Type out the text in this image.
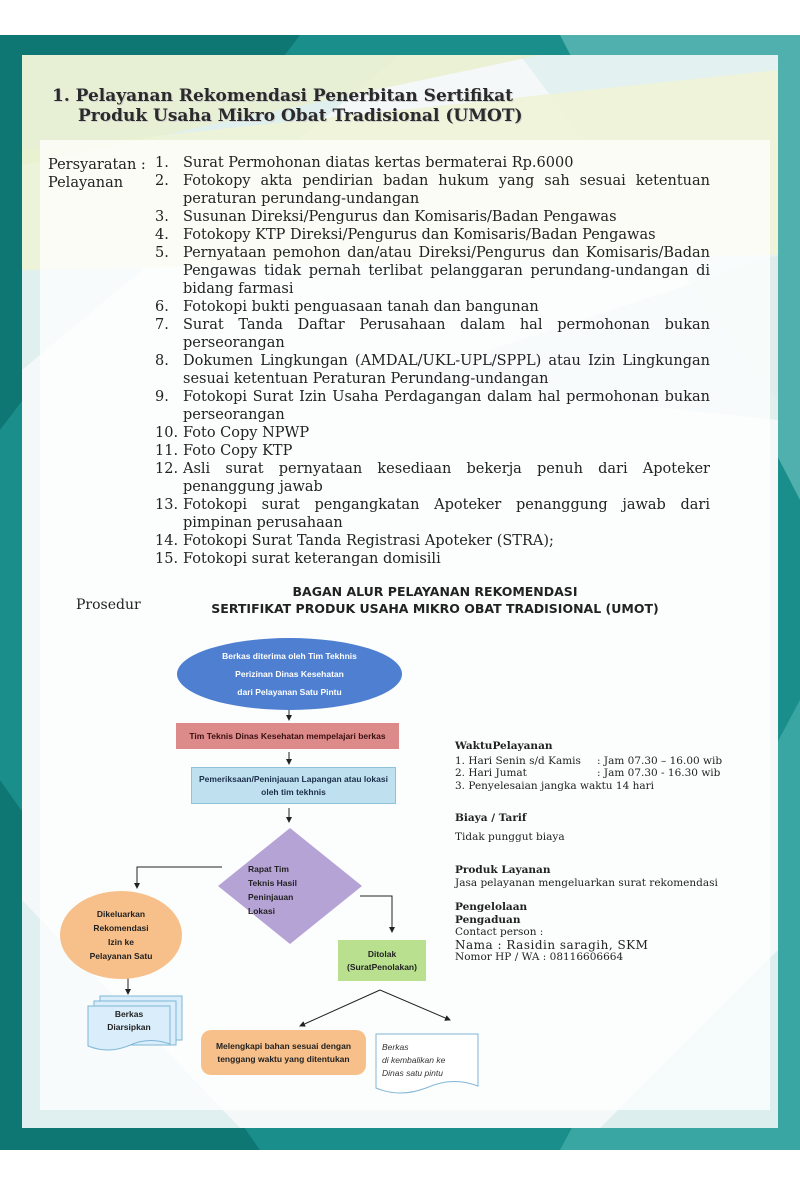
1. Pelayanan Rekomendasi Penerbitan Sertifikat
Produk Usaha Mikro Obat Tradisional (UMOT)
Persyaratan :
Pelayanan
1. Surat Permohonan diatas kertas bermaterai Rp.6000
2. Fotokopy akta pendirian badan hukum yang sah sesuai ketentuan peraturan perundang-undangan
3. Susunan Direksi/Pengurus dan Komisaris/Badan Pengawas
4. Fotokopy KTP Direksi/Pengurus dan Komisaris/Badan Pengawas
5. Pernyataan pemohon dan/atau Direksi/Pengurus dan Komisaris/Badan Pengawas tidak pernah terlibat pelanggaran perundang-undangan di bidang farmasi
6. Fotokopi bukti penguasaan tanah dan bangunan
7. Surat Tanda Daftar Perusahaan dalam hal permohonan bukan perseorangan
8. Dokumen Lingkungan (AMDAL/UKL-UPL/SPPL) atau Izin Lingkungan sesuai ketentuan Peraturan Perundang-undangan
9. Fotokopi Surat Izin Usaha Perdagangan dalam hal permohonan bukan perseorangan
10. Foto Copy NPWP
11. Foto Copy KTP
12. Asli surat pernyataan kesediaan bekerja penuh dari Apoteker penanggung jawab
13. Fotokopi surat pengangkatan Apoteker penanggung jawab dari pimpinan perusahaan
14. Fotokopi Surat Tanda Registrasi Apoteker (STRA);
15. Fotokopi surat keterangan domisili
Prosedur
BAGAN ALUR PELAYANAN REKOMENDASI
SERTIFIKAT PRODUK USAHA MIKRO OBAT TRADISIONAL (UMOT)
Berkas diterima oleh Tim Tekhnis
Perizinan Dinas Kesehatan
dari Pelayanan Satu Pintu
Tim Teknis Dinas Kesehatan mempelajari berkas
Pemeriksaan/Peninjauan Lapangan atau lokasi
oleh tim tekhnis
Rapat Tim
Teknis Hasil
Peninjauan
Lokasi
Dikeluarkan
Rekomendasi
Izin ke
Pelayanan Satu
Berkas
Diarsipkan
Ditolak
(SuratPenolakan)
Melengkapi bahan sesuai dengan
tenggang waktu yang ditentukan
Berkas
di kembalikan ke
Dinas satu pintu
WaktuPelayanan
1. Hari Senin s/d Kamis	: Jam 07.30 – 16.00 wib
2. Hari Jumat	: Jam 07.30 - 16.30 wib
3. Penyelesaian jangka waktu 14 hari
Biaya / Tarif
Tidak punggut biaya
Produk Layanan
Jasa pelayanan mengeluarkan surat rekomendasi
Pengelolaan
Pengaduan
Contact person :
Nama : Rasidin saragih, SKM
Nomor HP / WA : 08116606664
